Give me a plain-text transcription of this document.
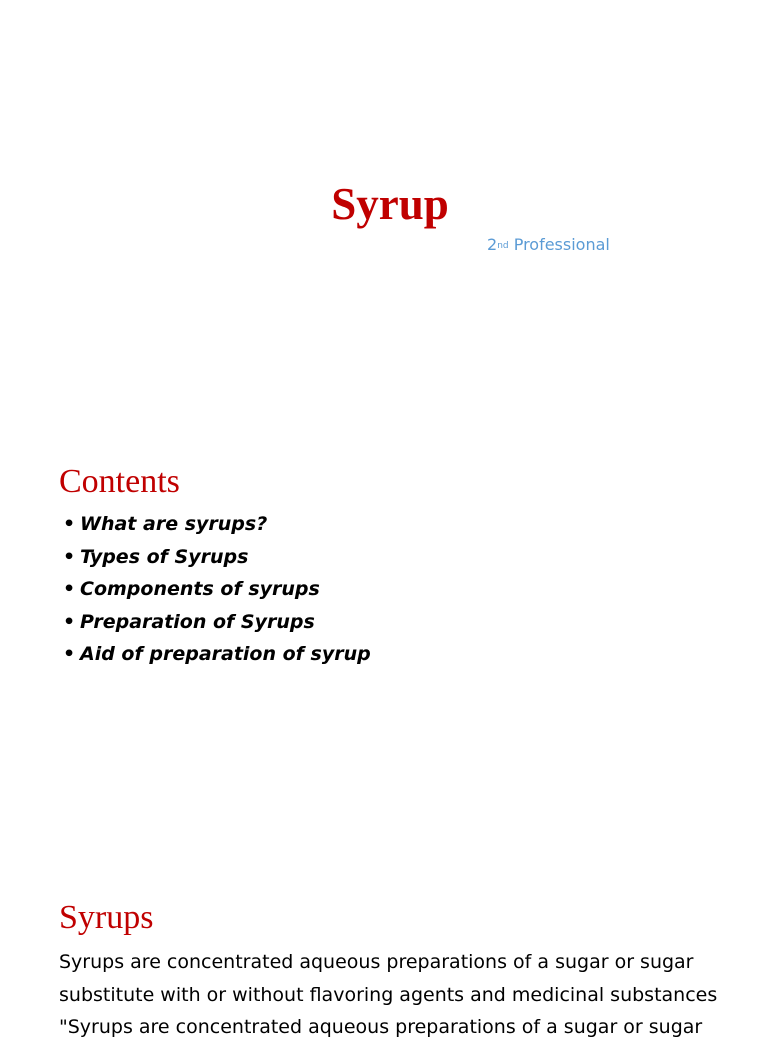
Syrup
2nd Professional
Contents
• What are syrups?
• Types of Syrups
• Components of syrups
• Preparation of Syrups
• Aid of preparation of syrup
Syrups

Syrups are concentrated aqueous preparations of a sugar or sugar

substitute with or without flavoring agents and medicinal substances

"Syrups are concentrated aqueous preparations of a sugar or sugar
